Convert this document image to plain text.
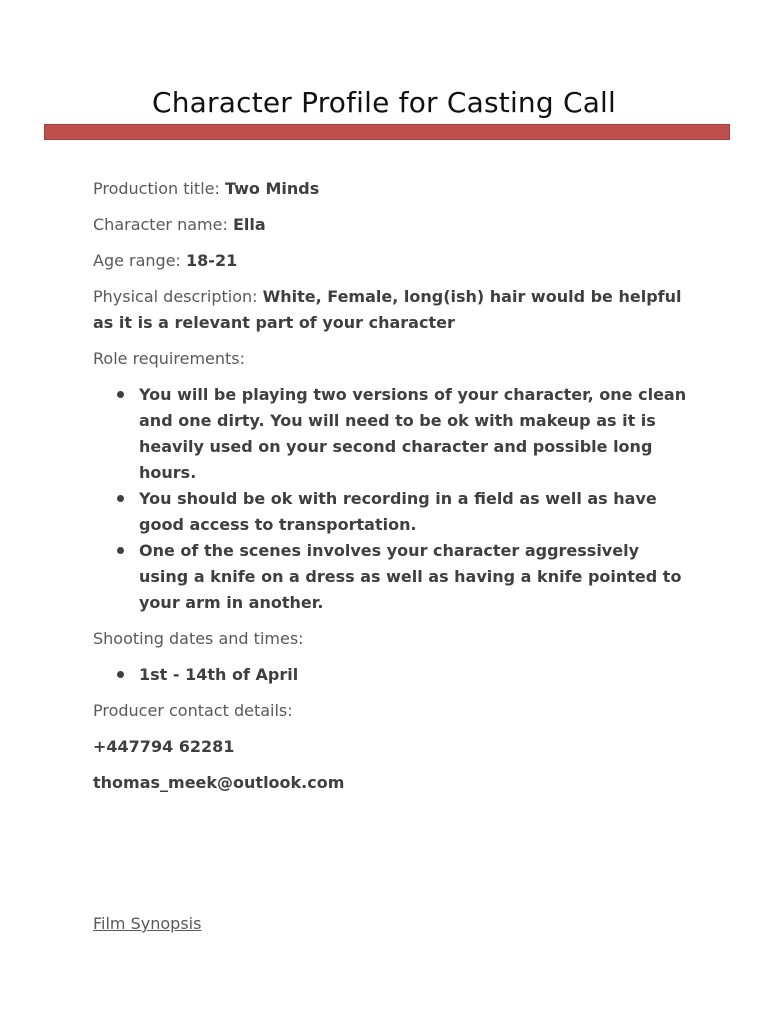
Character Profile for Casting Call
Production title: Two Minds
Character name: Ella
Age range: 18-21
Physical description: White, Female, long(ish) hair would be helpful as it is a relevant part of your character
Role requirements:
You will be playing two versions of your character, one clean and one dirty. You will need to be ok with makeup as it is heavily used on your second character and possible long hours.
You should be ok with recording in a field as well as have good access to transportation.
One of the scenes involves your character aggressively using a knife on a dress as well as having a knife pointed to your arm in another.
Shooting dates and times:
1st - 14th of April
Producer contact details:
+447794 62281
thomas_meek@outlook.com
Film Synopsis
